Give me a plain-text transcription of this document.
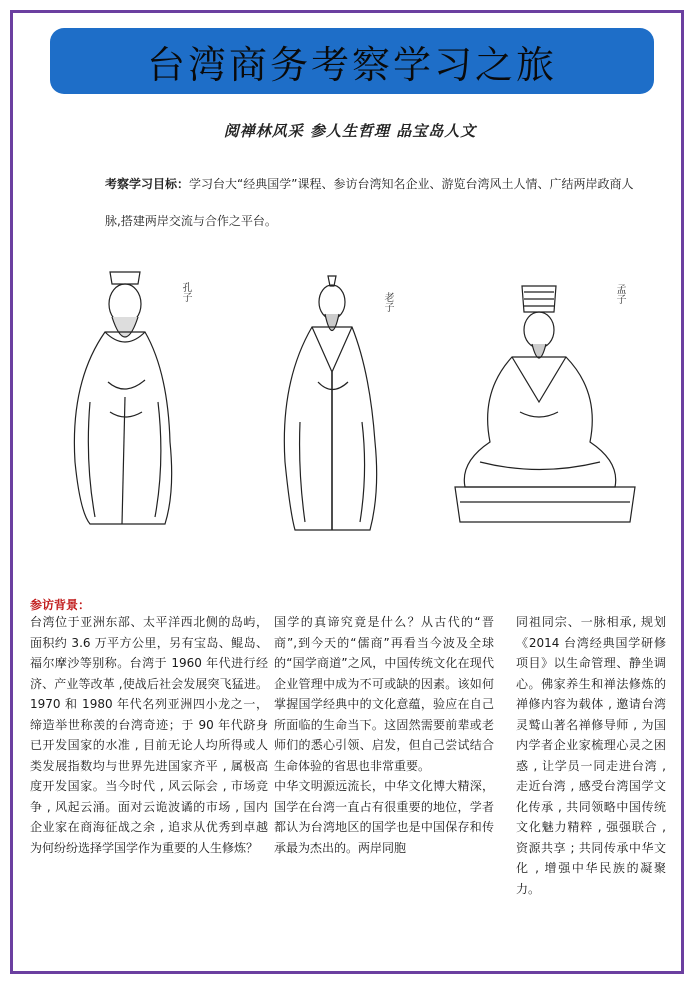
台湾商务考察学习之旅
阅禅林风采 参人生哲理 品宝岛人文
考察学习目标：学习台大“经典国学”课程、参访台湾知名企业、游览台湾风土人情、广结两岸政商人脉,搭建两岸交流与合作之平台。
孔子	老子	孟子
参访背景：

台湾位于亚洲东部、太平洋西北侧的岛屿，面积约 3.6 万平方公里，另有宝岛、鲲岛、福尔摩沙等别称。台湾于 1960 年代进行经济、产业等改革 ,使战后社会发展突飞猛进。1970 和 1980 年代名列亚洲四小龙之一，缔造举世称羡的台湾奇迹；于 90 年代跻身已开发国家的水准 , 目前无论人均所得或人类发展指数均与世界先进国家齐平 , 属极高度开发国家。当今时代 , 风云际会 , 市场竞争 , 风起云涌。面对云诡波谲的市场 , 国内企业家在商海征战之余 , 追求从优秀到卓越为何纷纷选择学国学作为重要的人生修炼？

国学的真谛究竟是什么？从古代的“晋商”,到今天的“儒商”再看当今波及全球的“国学商道”之风，中国传统文化在现代企业管理中成为不可或缺的因素。该如何掌握国学经典中的文化意蕴，验应在自己所面临的生命当下。这固然需要前辈或老师们的悉心引领、启发，但自己尝试结合生命体验的省思也非常重要。

中华文明源远流长，中华文化博大精深，国学在台湾一直占有很重要的地位，学者都认为台湾地区的国学也是中国保存和传承最为杰出的。两岸同胞

同祖同宗、一脉相承, 规划《2014 台湾经典国学研修项目》以生命管理、静坐调心。佛家养生和禅法修炼的禅修内容为载体 , 邀请台湾灵鹫山著名禅修导师 , 为国内学者企业家梳理心灵之困惑 , 让学员一同走进台湾 , 走近台湾 , 感受台湾国学文化传承 , 共同领略中国传统文化魅力精粹 , 强强联合 , 资源共享 ; 共同传承中华文化 , 增强中华民族的凝聚力。
